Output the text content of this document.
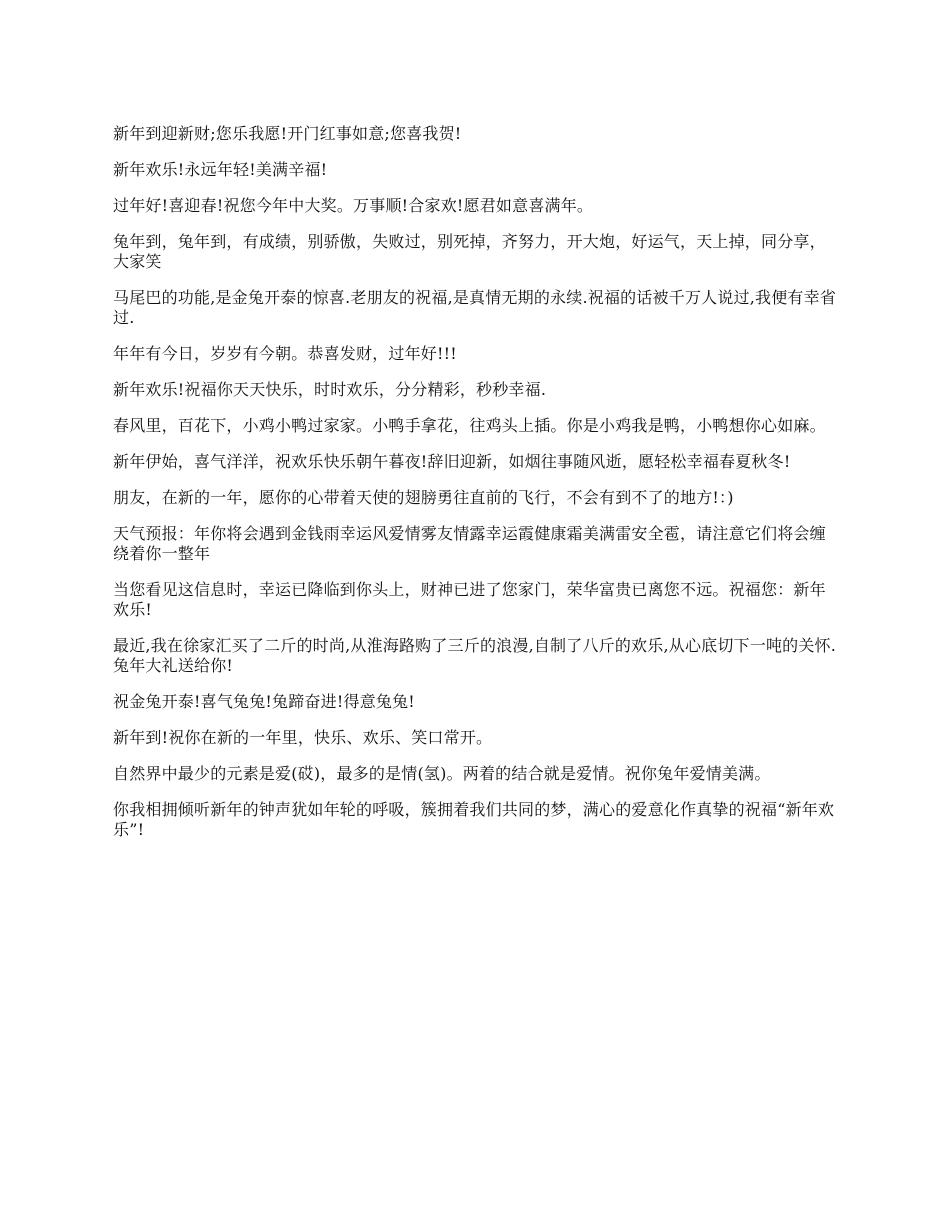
新年到迎新财;您乐我愿!开门红事如意;您喜我贺!

新年欢乐!永远年轻!美满辛福!

过年好!喜迎春!祝您今年中大奖。万事顺!合家欢!愿君如意喜满年。

兔年到，兔年到，有成绩，别骄傲，失败过，别死掉，齐努力，开大炮，好运气，天上掉，同分享，大家笑

马尾巴的功能,是金兔开泰的惊喜.老朋友的祝福,是真情无期的永续.祝福的话被千万人说过,我便有幸省过.

年年有今日，岁岁有今朝。恭喜发财，过年好!!!

新年欢乐!祝福你天天快乐，时时欢乐，分分精彩，秒秒幸福.

春风里，百花下，小鸡小鸭过家家。小鸭手拿花，往鸡头上插。你是小鸡我是鸭，小鸭想你心如麻。

新年伊始，喜气洋洋，祝欢乐快乐朝午暮夜!辞旧迎新，如烟往事随风逝，愿轻松幸福春夏秋冬!

朋友，在新的一年，愿你的心带着天使的翅膀勇往直前的飞行，不会有到不了的地方!：)

天气预报：年你将会遇到金钱雨幸运风爱情雾友情露幸运霞健康霜美满雷安全雹，请注意它们将会缠绕着你一整年

当您看见这信息时，幸运已降临到你头上，财神已进了您家门，荣华富贵已离您不远。祝福您：新年欢乐!

最近,我在徐家汇买了二斤的时尚,从淮海路购了三斤的浪漫,自制了八斤的欢乐,从心底切下一吨的关怀.兔年大礼送给你!

祝金兔开泰!喜气兔兔!兔蹄奋进!得意兔兔!

新年到!祝你在新的一年里，快乐、欢乐、笑口常开。

自然界中最少的元素是爱(砹)，最多的是情(氢)。两着的结合就是爱情。祝你兔年爱情美满。

你我相拥倾听新年的钟声犹如年轮的呼吸，簇拥着我们共同的梦，满心的爱意化作真挚的祝福“新年欢乐”!
